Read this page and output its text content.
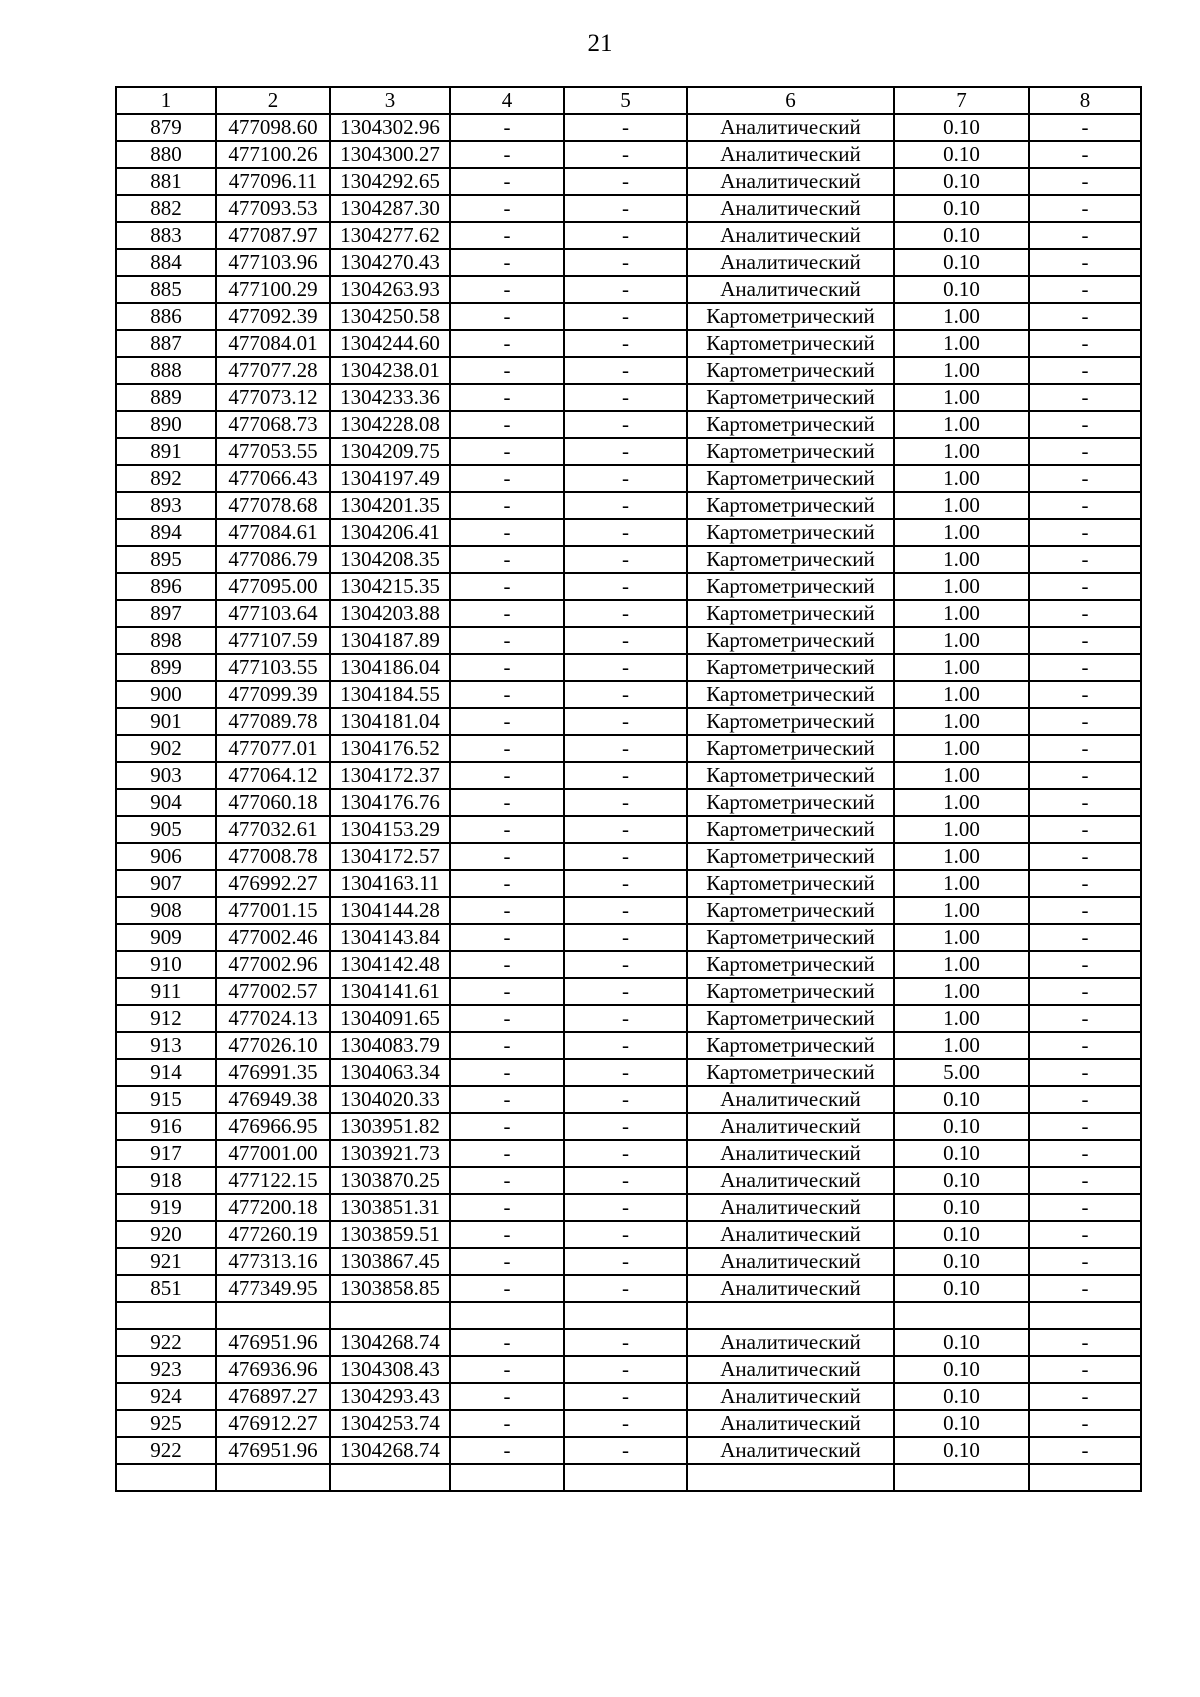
21
1	2	3	4	5	6	7	8
879	477098.60	1304302.96	-	-	Аналитический	0.10	-
880	477100.26	1304300.27	-	-	Аналитический	0.10	-
881	477096.11	1304292.65	-	-	Аналитический	0.10	-
882	477093.53	1304287.30	-	-	Аналитический	0.10	-
883	477087.97	1304277.62	-	-	Аналитический	0.10	-
884	477103.96	1304270.43	-	-	Аналитический	0.10	-
885	477100.29	1304263.93	-	-	Аналитический	0.10	-
886	477092.39	1304250.58	-	-	Картометрический	1.00	-
887	477084.01	1304244.60	-	-	Картометрический	1.00	-
888	477077.28	1304238.01	-	-	Картометрический	1.00	-
889	477073.12	1304233.36	-	-	Картометрический	1.00	-
890	477068.73	1304228.08	-	-	Картометрический	1.00	-
891	477053.55	1304209.75	-	-	Картометрический	1.00	-
892	477066.43	1304197.49	-	-	Картометрический	1.00	-
893	477078.68	1304201.35	-	-	Картометрический	1.00	-
894	477084.61	1304206.41	-	-	Картометрический	1.00	-
895	477086.79	1304208.35	-	-	Картометрический	1.00	-
896	477095.00	1304215.35	-	-	Картометрический	1.00	-
897	477103.64	1304203.88	-	-	Картометрический	1.00	-
898	477107.59	1304187.89	-	-	Картометрический	1.00	-
899	477103.55	1304186.04	-	-	Картометрический	1.00	-
900	477099.39	1304184.55	-	-	Картометрический	1.00	-
901	477089.78	1304181.04	-	-	Картометрический	1.00	-
902	477077.01	1304176.52	-	-	Картометрический	1.00	-
903	477064.12	1304172.37	-	-	Картометрический	1.00	-
904	477060.18	1304176.76	-	-	Картометрический	1.00	-
905	477032.61	1304153.29	-	-	Картометрический	1.00	-
906	477008.78	1304172.57	-	-	Картометрический	1.00	-
907	476992.27	1304163.11	-	-	Картометрический	1.00	-
908	477001.15	1304144.28	-	-	Картометрический	1.00	-
909	477002.46	1304143.84	-	-	Картометрический	1.00	-
910	477002.96	1304142.48	-	-	Картометрический	1.00	-
911	477002.57	1304141.61	-	-	Картометрический	1.00	-
912	477024.13	1304091.65	-	-	Картометрический	1.00	-
913	477026.10	1304083.79	-	-	Картометрический	1.00	-
914	476991.35	1304063.34	-	-	Картометрический	5.00	-
915	476949.38	1304020.33	-	-	Аналитический	0.10	-
916	476966.95	1303951.82	-	-	Аналитический	0.10	-
917	477001.00	1303921.73	-	-	Аналитический	0.10	-
918	477122.15	1303870.25	-	-	Аналитический	0.10	-
919	477200.18	1303851.31	-	-	Аналитический	0.10	-
920	477260.19	1303859.51	-	-	Аналитический	0.10	-
921	477313.16	1303867.45	-	-	Аналитический	0.10	-
851	477349.95	1303858.85	-	-	Аналитический	0.10	-

922	476951.96	1304268.74	-	-	Аналитический	0.10	-
923	476936.96	1304308.43	-	-	Аналитический	0.10	-
924	476897.27	1304293.43	-	-	Аналитический	0.10	-
925	476912.27	1304253.74	-	-	Аналитический	0.10	-
922	476951.96	1304268.74	-	-	Аналитический	0.10	-
